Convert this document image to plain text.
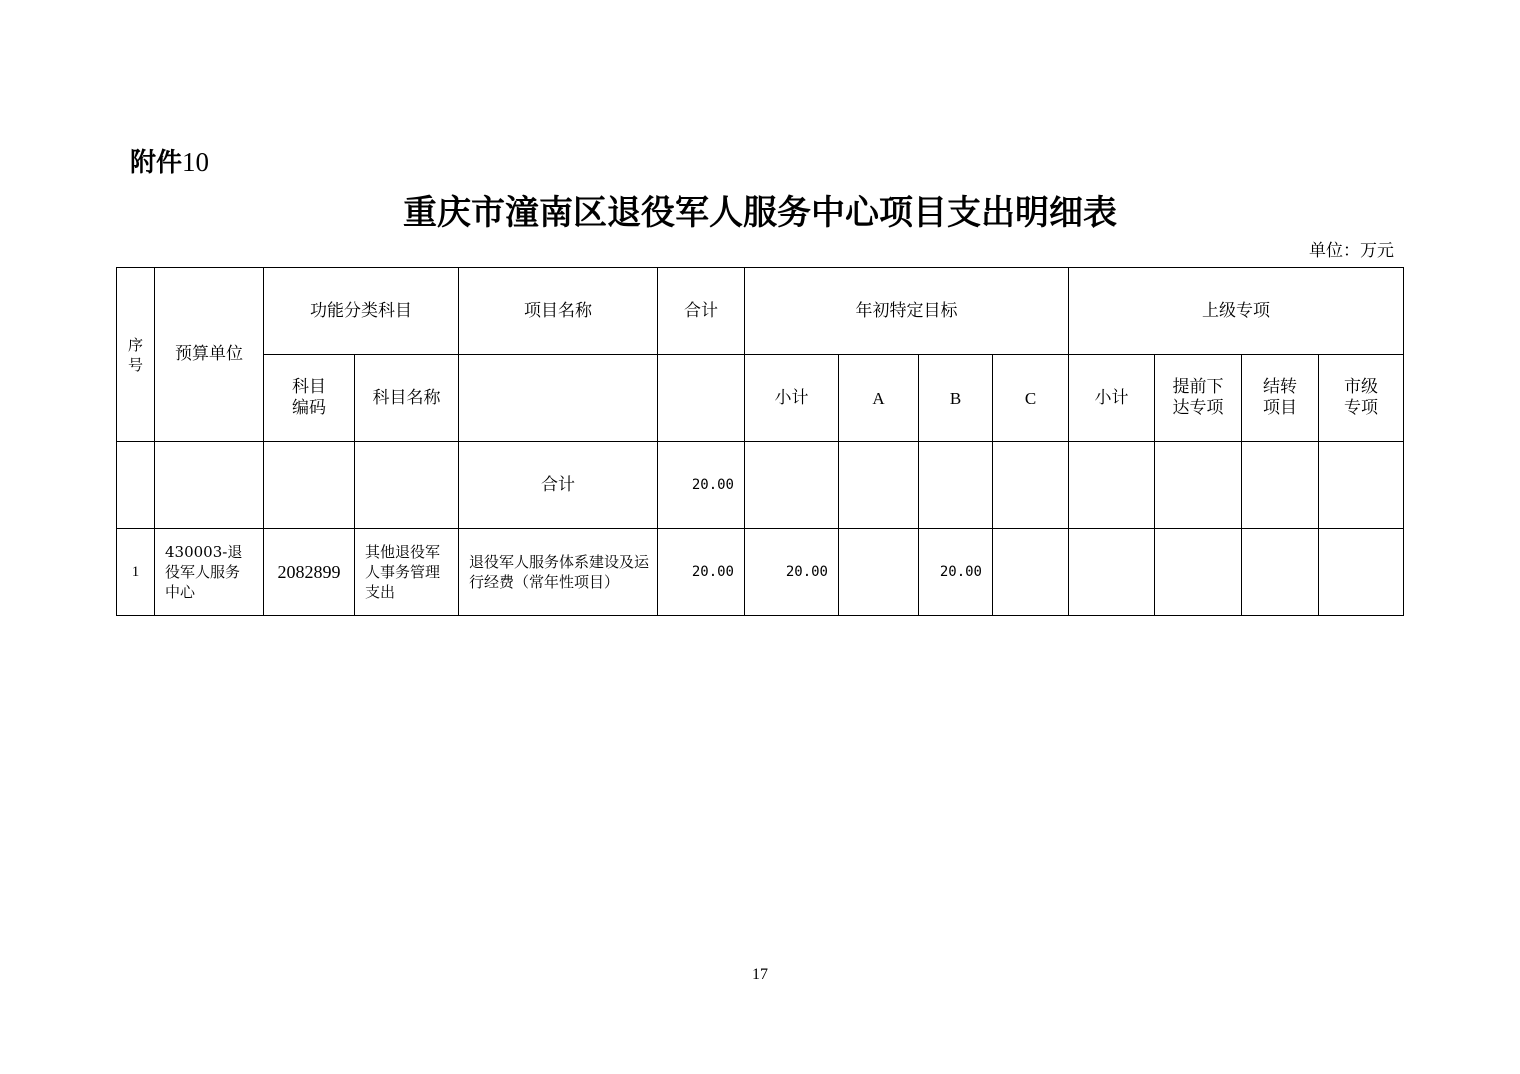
附件10
重庆市潼南区退役军人服务中心项目支出明细表
单位：万元
序号	预算单位	功能分类科目		项目名称	合计	年初特定目标				上级专项			
		科目编码	科目名称			小计	A	B	C	小计	提前下达专项	结转项目	市级专项
				合计	20.00								
1	430003-退役军人服务中心	2082899	其他退役军人事务管理支出	退役军人服务体系建设及运行经费（常年性项目）	20.00	20.00		20.00					
17
